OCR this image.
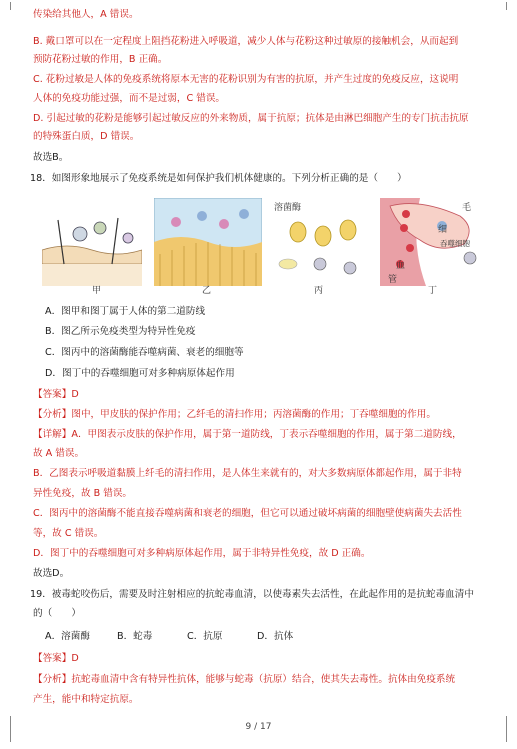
传染给其他人，A 错误。
B. 戴口罩可以在一定程度上阻挡花粉进入呼吸道，减少人体与花粉这种过敏原的接触机会，从而起到
预防花粉过敏的作用，B 正确。
C. 花粉过敏是人体的免疫系统将原本无害的花粉识别为有害的抗原，并产生过度的免疫反应，这说明
人体的免疫功能过强，而不是过弱，C 错误。
D. 引起过敏的花粉是能够引起过敏反应的外来物质，属于抗原；抗体是由淋巴细胞产生的专门抗击抗原
的特殊蛋白质，D 错误。
故选B。
18．如图形象地展示了免疫系统是如何保护我们机体健康的。下列分析正确的是（　　）
甲	乙
溶菌酶
丙
毛
细
吞噬细胞
血
管
丁
A．图甲和图丁属于人体的第二道防线
B．图乙所示免疫类型为特异性免疫
C．图丙中的溶菌酶能吞噬病菌、衰老的细胞等
D．图丁中的吞噬细胞可对多种病原体起作用
【答案】D
【分析】图中，甲皮肤的保护作用；乙纤毛的清扫作用；丙溶菌酶的作用；丁吞噬细胞的作用。
【详解】A．甲图表示皮肤的保护作用，属于第一道防线，丁表示吞噬细胞的作用，属于第二道防线，
故 A 错误。
B．乙图表示呼吸道黏膜上纤毛的清扫作用，是人体生来就有的，对大多数病原体都起作用，属于非特
异性免疫，故 B 错误。
C．图丙中的溶菌酶不能直接吞噬病菌和衰老的细胞，但它可以通过破坏病菌的细胞壁使病菌失去活性
等，故 C 错误。
D．图丁中的吞噬细胞可对多种病原体起作用，属于非特异性免疫，故 D 正确。
故选D。
19．被毒蛇咬伤后，需要及时注射相应的抗蛇毒血清，以使毒素失去活性，在此起作用的是抗蛇毒血清中
的（　　）
A．溶菌酶	B．蛇毒	C．抗原	D．抗体
【答案】D
【分析】抗蛇毒血清中含有特异性抗体，能够与蛇毒（抗原）结合，使其失去毒性。抗体由免疫系统
产生，能中和特定抗原。
9 / 17
